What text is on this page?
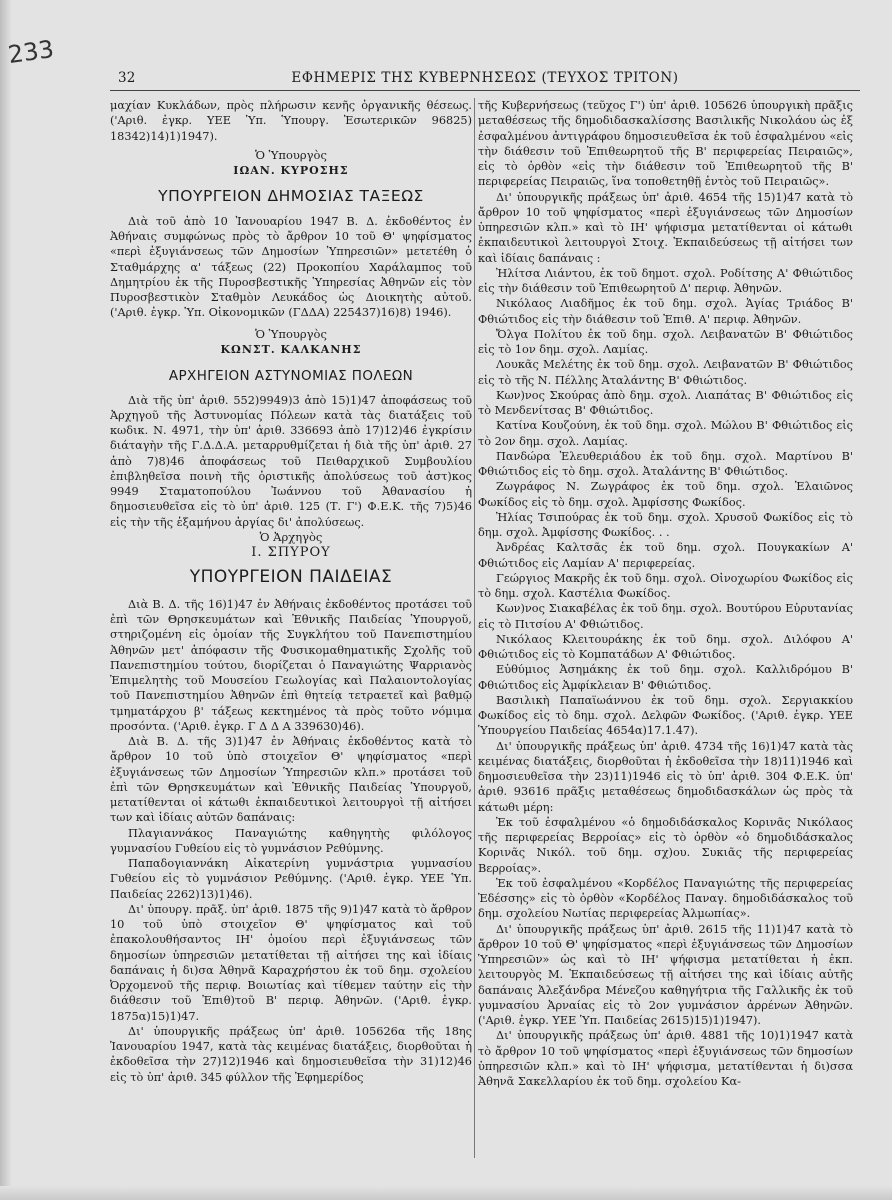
233
32	ΕΦΗΜΕΡΙΣ ΤΗΣ ΚΥΒΕΡΝΗΣΕΩΣ (ΤΕΥΧΟΣ ΤΡΙΤΟΝ)

μαχίαν Κυκλάδων, πρὸς πλήρωσιν κενῆς ὀργανικῆς θέσεως. ('Αριθ. ἐγκρ. ΥΕΕ Ὑπ. Ὑπουργ. Ἐσωτερικῶν 96825) 18342)14)1)1947).

Ὁ Ὑπουργὸς
ΙΩΑΝ. ΚΥΡΟΣΗΣ
ΥΠΟΥΡΓΕΙΟΝ ΔΗΜΟΣΙΑΣ ΤΑΞΕΩΣ

Διὰ τοῦ ἀπὸ 10 Ἰανουαρίου 1947 Β. Δ. ἐκδοθέντος ἐν Ἀθήναις συμφώνως πρὸς τὸ ἄρθρον 10 τοῦ Θ' ψηφίσματος «περὶ ἐξυγιάνσεως τῶν Δημοσίων Ὑπηρεσιῶν» μετετέθη ὁ Σταθμάρχης α' τάξεως (22) Προκοπίου Χαράλαμπος τοῦ Δημητρίου ἐκ τῆς Πυροσβεστικῆς Ὑπηρεσίας Ἀθηνῶν εἰς τὸν Πυροσβεστικὸν Σταθμὸν Λευκάδος ὡς Διοικητὴς αὐτοῦ. ('Αριθ. ἐγκρ. Ὑπ. Οἰκονομικῶν (ΓΔΔΑ) 225437)16)8) 1946).

Ὁ Ὑπουργὸς
ΚΩΝΣΤ. ΚΑΛΚΑΝΗΣ
ΑΡΧΗΓΕΙΟΝ ΑΣΤΥΝΟΜΙΑΣ ΠΟΛΕΩΝ

Διὰ τῆς ὑπ' ἀριθ. 552)9949)3 ἀπὸ 15)1)47 ἀποφάσεως τοῦ Ἀρχηγοῦ τῆς Ἀστυνομίας Πόλεων κατὰ τὰς διατάξεις τοῦ κωδικ. Ν. 4971, τὴν ὑπ' ἀριθ. 336693 ἀπὸ 17)12)46 ἐγκρίσιν διάταγὴν τῆς Γ.Δ.Δ.Α. μεταρρυθμίζεται ἡ διὰ τῆς ὑπ' ἀριθ. 27 ἀπὸ 7)8)46 ἀποφάσεως τοῦ Πειθαρχικοῦ Συμβουλίου ἐπιβληθεῖσα ποινὴ τῆς ὁριστικῆς ἀπολύσεως τοῦ ἀστ)κος 9949 Σταματοπούλου Ἰωάννου τοῦ Ἀθανασίου ἡ δημοσιευθεῖσα εἰς τὸ ὑπ' ἀριθ. 125 (Τ. Γ') Φ.Ε.Κ. τῆς 7)5)46 εἰς τὴν τῆς ἑξαμήνου ἀργίας δι' ἀπολύσεως.

Ὁ Ἀρχηγὸς
Ι. ΣΠΥΡΟΥ
ΥΠΟΥΡΓΕΙΟΝ ΠΑΙΔΕΙΑΣ

Διὰ Β. Δ. τῆς 16)1)47 ἐν Ἀθήναις ἐκδοθέντος προτάσει τοῦ ἐπὶ τῶν Θρησκευμάτων καὶ Ἐθνικῆς Παιδείας Ὑπουργοῦ, στηριζομένη εἰς ὁμοίαν τῆς Συγκλήτου τοῦ Πανεπιστημίου Ἀθηνῶν μετ' ἀπόφασιν τῆς Φυσικομαθηματικῆς Σχολῆς τοῦ Πανεπιστημίου τούτου, διορίζεται ὁ Παναγιώτης Ψαρριανὸς Ἐπιμελητὴς τοῦ Μουσείου Γεωλογίας καὶ Παλαιοντολογίας τοῦ Πανεπιστημίου Ἀθηνῶν ἐπὶ θητείᾳ τετραετεῖ καὶ βαθμῷ τμηματάρχου β' τάξεως κεκτημένος τὰ πρὸς τοῦτο νόμιμα προσόντα. ('Αριθ. ἐγκρ. Γ Δ Δ Α 339630)46).

Διὰ Β. Δ. τῆς 3)1)47 ἐν Ἀθήναις ἐκδοθέντος κατὰ τὸ ἄρθρον 10 τοῦ ὑπὸ στοιχεῖον Θ' ψηφίσματος «περὶ ἐξυγιάνσεως τῶν Δημοσίων Ὑπηρεσιῶν κλπ.» προτάσει τοῦ ἐπὶ τῶν Θρησκευμάτων καὶ Ἐθνικῆς Παιδείας Ὑπουργοῦ, μετατίθενται οἱ κάτωθι ἐκπαιδευτικοὶ λειτουργοὶ τῇ αἰτήσει των καὶ ἰδίαις αὐτῶν δαπάναις:

Πλαγιαννάκος Παναγιώτης καθηγητὴς φιλόλογος γυμνασίου Γυθείου εἰς τὸ γυμνάσιον Ρεθύμνης.

Παπαδογιαννάκη Αἰκατερίνη γυμνάστρια γυμνασίου Γυθείου εἰς τὸ γυμνάσιον Ρεθύμνης. ('Αριθ. ἐγκρ. ΥΕΕ Ὑπ. Παιδείας 2262)13)1)46).

Δι' ὑπουργ. πρᾶξ. ὑπ' ἀριθ. 1875 τῆς 9)1)47 κατὰ τὸ ἄρθρον 10 τοῦ ὑπὸ στοιχεῖον Θ' ψηφίσματος καὶ τοῦ ἐπακολουθήσαντος ΙΗ' ὁμοίου περὶ ἐξυγιάνσεως τῶν δημοσίων ὑπηρεσιῶν μετατίθεται τῇ αἰτήσει της καὶ ἰδίαις δαπάναις ἡ δι)σα Ἀθηνᾶ Καραχρήστου ἐκ τοῦ δημ. σχολείου Ὀρχομενοῦ τῆς περιφ. Βοιωτίας καὶ τίθεμεν ταύτην εἰς τὴν διάθεσιν τοῦ Ἐπιθ)τοῦ Β' περιφ. Ἀθηνῶν. ('Αριθ. ἐγκρ. 1875α)15)1)47.

Δι' ὑπουργικῆς πράξεως ὑπ' ἀριθ. 105626α τῆς 18ης Ἰανουαρίου 1947, κατὰ τὰς κειμένας διατάξεις, διορθοῦται ἡ ἐκδοθεῖσα τὴν 27)12)1946 καὶ δημοσιευθεῖσα τὴν 31)12)46 εἰς τὸ ὑπ' ἀριθ. 345 φύλλον τῆς Ἐφημερίδος

τῆς Κυβερνήσεως (τεῦχος Γ') ὑπ' ἀριθ. 105626 ὑπουργικὴ πρᾶξις μεταθέσεως τῆς δημοδιδασκαλίσσης Βασιλικῆς Νικολάου ὡς ἐξ ἐσφαλμένου ἀντιγράφου δημοσιευθεῖσα ἐκ τοῦ ἐσφαλμένου «εἰς τὴν διάθεσιν τοῦ Ἐπιθεωρητοῦ τῆς Β' περιφερείας Πειραιῶς», εἰς τὸ ὀρθὸν «εἰς τὴν διάθεσιν τοῦ Ἐπιθεωρητοῦ τῆς Β' περιφερείας Πειραιῶς, ἵνα τοποθετηθῇ ἐντὸς τοῦ Πειραιῶς».

Δι' ὑπουργικῆς πράξεως ὑπ' ἀριθ. 4654 τῆς 15)1)47 κατὰ τὸ ἄρθρον 10 τοῦ ψηφίσματος «περὶ ἐξυγιάνσεως τῶν Δημοσίων ὑπηρεσιῶν κλπ.» καὶ τὸ ΙΗ' ψήφισμα μετατίθενται οἱ κάτωθι ἐκπαιδευτικοὶ λειτουργοὶ Στοιχ. Ἐκπαιδεύσεως τῇ αἰτήσει των καὶ ἰδίαις δαπάναις :

Ἠλίτσα Λιάντου, ἐκ τοῦ δημοτ. σχολ. Ροδίτσης Α' Φθιώτιδος εἰς τὴν διάθεσιν τοῦ Ἐπιθεωρητοῦ Δ' περιφ. Ἀθηνῶν.

Νικόλαος Λιαδῆμος ἐκ τοῦ δημ. σχολ. Ἁγίας Τριάδος Β' Φθιώτιδος εἰς τὴν διάθεσιν τοῦ Ἐπιθ. Α' περιφ. Ἀθηνῶν.

Ὄλγα Πολίτου ἐκ τοῦ δημ. σχολ. Λειβανατῶν Β' Φθιώτιδος εἰς τὸ 1ον δημ. σχολ. Λαμίας.

Λουκᾶς Μελέτης ἐκ τοῦ δημ. σχολ. Λειβανατῶν Β' Φθιώτιδος εἰς τὸ τῆς Ν. Πέλλης Ἀταλάντης Β' Φθιώτιδος.

Κων)νος Σκούρας ἀπὸ δημ. σχολ. Λιαπάτας Β' Φθιώτιδος εἰς τὸ Μενδενίτσας Β' Φθιώτιδος.

Κατίνα Κουζούνη, ἐκ τοῦ δημ. σχολ. Μώλου Β' Φθιώτιδος εἰς τὸ 2ον δημ. σχολ. Λαμίας.

Πανδώρα Ἐλευθεριάδου ἐκ τοῦ δημ. σχολ. Μαρτίνου Β' Φθιώτιδος εἰς τὸ δημ. σχολ. Ἀταλάντης Β' Φθιώτιδος.

Ζωγράφος Ν. Ζωγράφος ἐκ τοῦ δημ. σχολ. Ἐλαιῶνος Φωκίδος εἰς τὸ δημ. σχολ. Ἀμφίσσης Φωκίδος.

Ἠλίας Τσιπούρας ἐκ τοῦ δημ. σχολ. Χρυσοῦ Φωκίδος εἰς τὸ δημ. σχολ. Ἀμφίσσης Φωκίδος. . .

Ἀνδρέας Καλτσᾶς ἐκ τοῦ δημ. σχολ. Πουγκακίων Α' Φθιώτιδος εἰς Λαμίαν Α' περιφερείας.

Γεώργιος Μακρῆς ἐκ τοῦ δημ. σχολ. Οἰνοχωρίου Φωκίδος εἰς τὸ δημ. σχολ. Καστέλια Φωκίδος.

Κων)νος Σιακαβέλας ἐκ τοῦ δημ. σχολ. Βουτύρου Εὐρυτανίας εἰς τὸ Πιτσίου Α' Φθιώτιδος.

Νικόλαος Κλειτουράκης ἐκ τοῦ δημ. σχολ. Διλόφου Α' Φθιώτιδος εἰς τὸ Κομπατάδων Α' Φθιώτιδος.

Εὐθύμιος Ἀσημάκης ἐκ τοῦ δημ. σχολ. Καλλιδρόμου Β' Φθιώτιδος εἰς Ἀμφίκλειαν Β' Φθιώτιδος.

Βασιλικὴ Παπαϊωάννου ἐκ τοῦ δημ. σχολ. Σεργιακκίου Φωκίδος εἰς τὸ δημ. σχολ. Δελφῶν Φωκίδος. ('Αριθ. ἐγκρ. ΥΕΕ Ὑπουργείου Παιδείας 4654α)17.1.47).

Δι' ὑπουργικῆς πράξεως ὑπ' ἀριθ. 4734 τῆς 16)1)47 κατὰ τὰς κειμένας διατάξεις, διορθοῦται ἡ ἐκδοθεῖσα τὴν 18)11)1946 καὶ δημοσιευθεῖσα τὴν 23)11)1946 εἰς τὸ ὑπ' ἀριθ. 304 Φ.Ε.Κ. ὑπ' ἀριθ. 93616 πρᾶξις μεταθέσεως δημοδιδασκάλων ὡς πρὸς τὰ κάτωθι μέρη:

Ἐκ τοῦ ἐσφαλμένου «ὁ δημοδιδάσκαλος Κορινᾶς Νικόλαος τῆς περιφερείας Βερροίας» εἰς τὸ ὀρθὸν «ὁ δημοδιδάσκαλος Κορινᾶς Νικόλ. τοῦ δημ. σχ)ου. Συκιᾶς τῆς περιφερείας Βερροίας».

Ἐκ τοῦ ἐσφαλμένου «Κορδέλος Παναγιώτης τῆς περιφερείας Ἐδέσσης» εἰς τὸ ὀρθὸν «Κορδέλος Παναγ. δημοδιδάσκαλος τοῦ δημ. σχολείου Νωτίας περιφερείας Ἀλμωπίας».

Δι' ὑπουργικῆς πράξεως ὑπ' ἀριθ. 2615 τῆς 11)1)47 κατὰ τὸ ἄρθρον 10 τοῦ Θ' ψηφίσματος «περὶ ἐξυγιάνσεως τῶν Δημοσίων Ὑπηρεσιῶν» ὡς καὶ τὸ ΙΗ' ψήφισμα μετατίθεται ἡ ἐκπ. λειτουργὸς Μ. Ἐκπαιδεύσεως τῇ αἰτήσει της καὶ ἰδίαις αὐτῆς δαπάναις Ἀλεξάνδρα Μένεζου καθηγήτρια τῆς Γαλλικῆς ἐκ τοῦ γυμνασίου Ἀρναίας εἰς τὸ 2ον γυμνάσιον ἀρρένων Ἀθηνῶν. ('Αριθ. ἐγκρ. ΥΕΕ Ὑπ. Παιδείας 2615)15)1)1947).

Δι' ὑπουργικῆς πράξεως ὑπ' ἀριθ. 4881 τῆς 10)1)1947 κατὰ τὸ ἄρθρον 10 τοῦ ψηφίσματος «περὶ ἐξυγιάνσεως τῶν δημοσίων ὑπηρεσιῶν κλπ.» καὶ τὸ ΙΗ' ψήφισμα, μετατίθενται ἡ δι)σσα Ἀθηνᾶ Σακελλαρίου ἐκ τοῦ δημ. σχολείου Κα-
